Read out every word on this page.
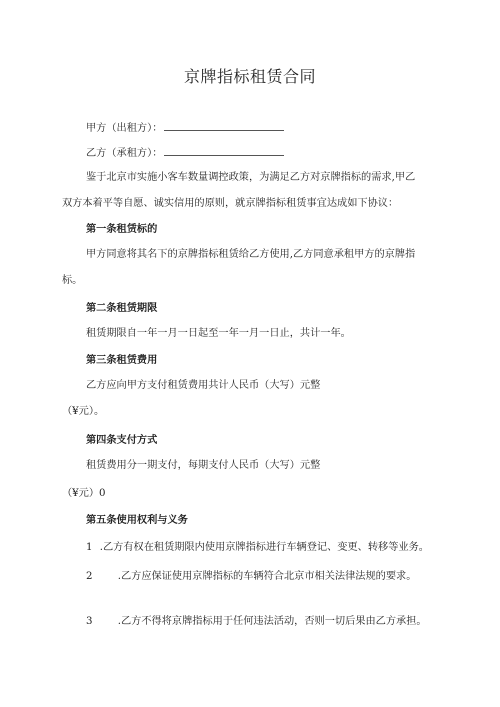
京牌指标租赁合同
甲方（出租方）：
乙方（承租方）：
鉴于北京市实施小客车数量调控政策，为满足乙方对京牌指标的需求,甲乙
双方本着平等自愿、诚实信用的原则，就京牌指标租赁事宜达成如下协议：
第一条租赁标的
甲方同意将其名下的京牌指标租赁给乙方使用,乙方同意承租甲方的京牌指
标。
第二条租赁期限
租赁期限自一年一月一日起至一年一月一日止，共计一年。
第三条租赁费用
乙方应向甲方支付租赁费用共计人民币（大写）元整
（¥元）。
第四条支付方式
租赁费用分一期支付，每期支付人民币（大写）元整
（¥元）0
第五条使用权利与义务
1 .乙方有权在租赁期限内使用京牌指标进行车辆登记、变更、转移等业务。
2 .乙方应保证使用京牌指标的车辆符合北京市相关法律法规的要求。
3 .乙方不得将京牌指标用于任何违法活动，否则一切后果由乙方承担。
